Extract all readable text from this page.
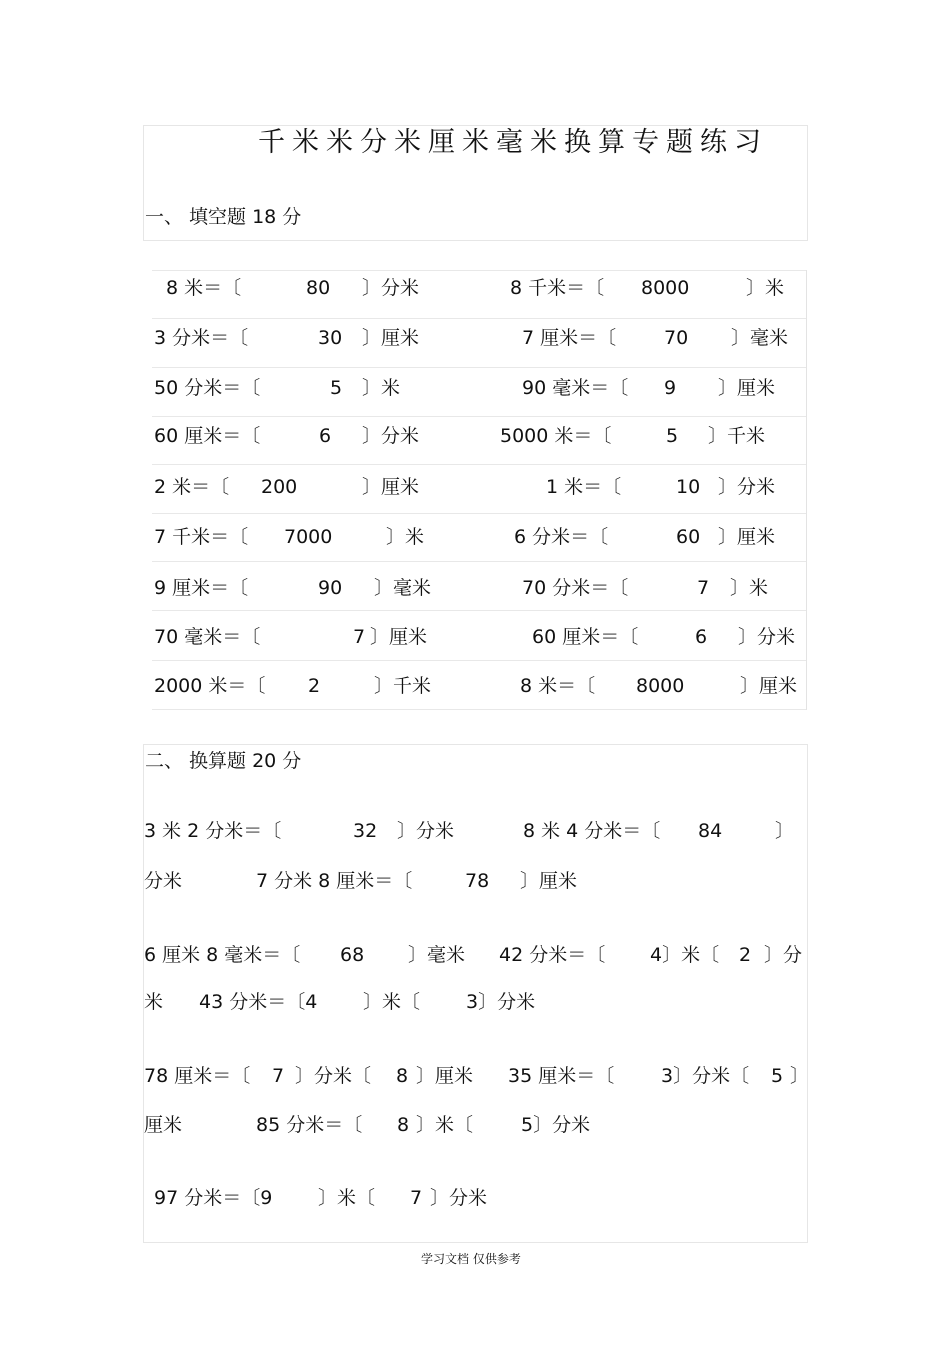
千米米分米厘米毫米换算专题练习
一、 填空题 18 分
8 米＝〔	80 〕分米	8 千米＝〔 8000	〕米
3 分米＝〔	30 〕厘米	7 厘米＝〔	70 〕毫米
50 分米＝〔	5 〕米	90 毫米＝〔 9 〕厘米
60 厘米＝〔	6 〕分米	5000 米＝〔	5 〕千米
2 米＝〔 200	〕厘米	1 米＝〔	10 〕分米
7 千米＝〔 7000	〕米	6 分米＝〔	60 〕厘米
9 厘米＝〔	90 〕毫米	70 分米＝〔	7 〕米
70 毫米＝〔	7 〕厘米	60 厘米＝〔	6 〕分米
2000 米＝〔 2	〕千米	8 米＝〔 8000	〕厘米
二、 换算题 20 分
3 米 2 分米＝〔	32 〕分米	8 米 4 分米＝〔 84	〕
分米	7 分米 8 厘米＝〔	78 〕厘米
6 厘米 8 毫米＝〔 68 〕毫米 42 分米＝〔 4〕米〔 2 〕分
米 43 分米＝〔4 〕米〔 3〕分米
78 厘米＝〔 7 〕分米〔 8 〕厘米 35 厘米＝〔 3〕分米〔 5 〕
厘米	85 分米＝〔 8 〕米〔	5〕分米
97 分米＝〔9 〕米〔 7 〕分米
学习文档 仅供参考
